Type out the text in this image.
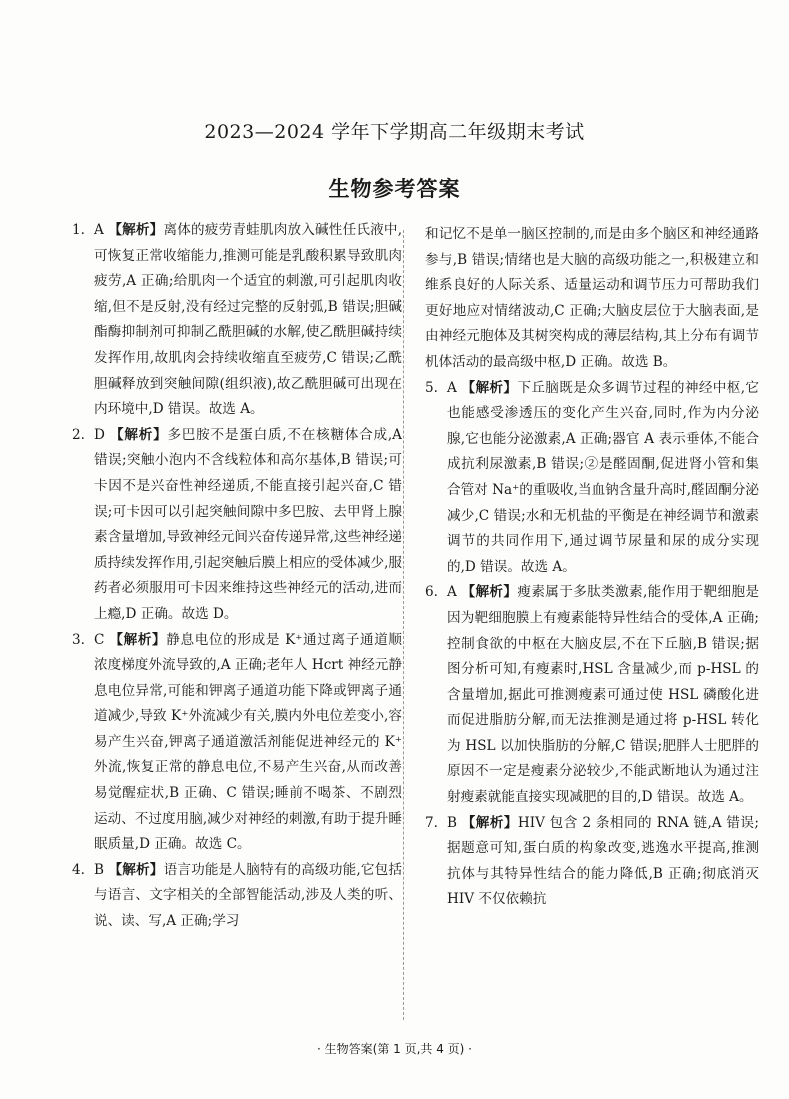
2023—2024 学年下学期高二年级期末考试
生物参考答案

1. A 【解析】离体的疲劳青蛙肌肉放入碱性任氏液中,可恢复正常收缩能力,推测可能是乳酸积累导致肌肉疲劳,A 正确;给肌肉一个适宜的刺激,可引起肌肉收缩,但不是反射,没有经过完整的反射弧,B 错误;胆碱酯酶抑制剂可抑制乙酰胆碱的水解,使乙酰胆碱持续发挥作用,故肌肉会持续收缩直至疲劳,C 错误;乙酰胆碱释放到突触间隙(组织液),故乙酰胆碱可出现在内环境中,D 错误。故选 A。

2. D 【解析】多巴胺不是蛋白质,不在核糖体合成,A 错误;突触小泡内不含线粒体和高尔基体,B 错误;可卡因不是兴奋性神经递质,不能直接引起兴奋,C 错误;可卡因可以引起突触间隙中多巴胺、去甲肾上腺素含量增加,导致神经元间兴奋传递异常,这些神经递质持续发挥作用,引起突触后膜上相应的受体减少,服药者必须服用可卡因来维持这些神经元的活动,进而上瘾,D 正确。故选 D。

3. C 【解析】静息电位的形成是 K⁺通过离子通道顺浓度梯度外流导致的,A 正确;老年人 Hcrt 神经元静息电位异常,可能和钾离子通道功能下降或钾离子通道减少,导致 K⁺外流减少有关,膜内外电位差变小,容易产生兴奋,钾离子通道激活剂能促进神经元的 K⁺外流,恢复正常的静息电位,不易产生兴奋,从而改善易觉醒症状,B 正确、C 错误;睡前不喝茶、不剧烈运动、不过度用脑,减少对神经的刺激,有助于提升睡眠质量,D 正确。故选 C。

4. B 【解析】语言功能是人脑特有的高级功能,它包括与语言、文字相关的全部智能活动,涉及人类的听、说、读、写,A 正确;学习

和记忆不是单一脑区控制的,而是由多个脑区和神经通路参与,B 错误;情绪也是大脑的高级功能之一,积极建立和维系良好的人际关系、适量运动和调节压力可帮助我们更好地应对情绪波动,C 正确;大脑皮层位于大脑表面,是由神经元胞体及其树突构成的薄层结构,其上分布有调节机体活动的最高级中枢,D 正确。故选 B。

5. A 【解析】下丘脑既是众多调节过程的神经中枢,它也能感受渗透压的变化产生兴奋,同时,作为内分泌腺,它也能分泌激素,A 正确;器官 A 表示垂体,不能合成抗利尿激素,B 错误;②是醛固酮,促进肾小管和集合管对 Na⁺的重吸收,当血钠含量升高时,醛固酮分泌减少,C 错误;水和无机盐的平衡是在神经调节和激素调节的共同作用下,通过调节尿量和尿的成分实现的,D 错误。故选 A。

6. A 【解析】瘦素属于多肽类激素,能作用于靶细胞是因为靶细胞膜上有瘦素能特异性结合的受体,A 正确;控制食欲的中枢在大脑皮层,不在下丘脑,B 错误;据图分析可知,有瘦素时,HSL 含量减少,而 p‑HSL 的含量增加,据此可推测瘦素可通过使 HSL 磷酸化进而促进脂肪分解,而无法推测是通过将 p‑HSL 转化为 HSL 以加快脂肪的分解,C 错误;肥胖人士肥胖的原因不一定是瘦素分泌较少,不能武断地认为通过注射瘦素就能直接实现减肥的目的,D 错误。故选 A。

7. B 【解析】HIV 包含 2 条相同的 RNA 链,A 错误;据题意可知,蛋白质的构象改变,逃逸水平提高,推测抗体与其特异性结合的能力降低,B 正确;彻底消灭 HIV 不仅依赖抗

· 生物答案(第 1 页,共 4 页) ·
